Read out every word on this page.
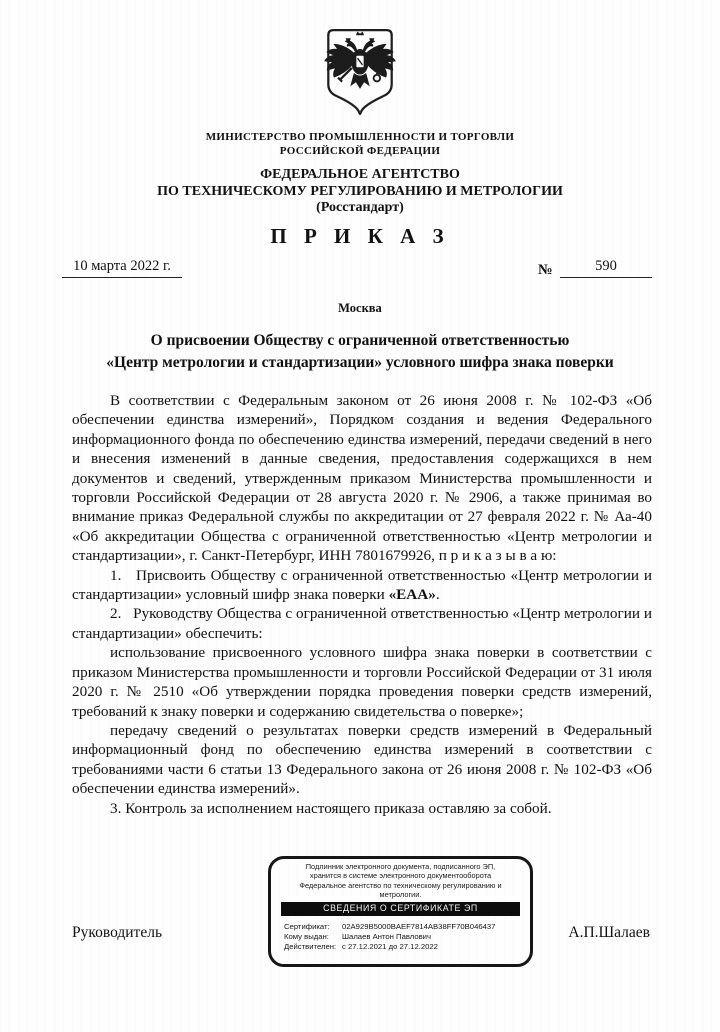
МИНИСТЕРСТВО ПРОМЫШЛЕННОСТИ И ТОРГОВЛИ
РОССИЙСКОЙ ФЕДЕРАЦИИ
ФЕДЕРАЛЬНОЕ АГЕНТСТВО
ПО ТЕХНИЧЕСКОМУ РЕГУЛИРОВАНИЮ И МЕТРОЛОГИИ
(Росстандарт)
П Р И К А З
10 марта 2022 г.	№	590
Москва
О присвоении Обществу с ограниченной ответственностью
«Центр метрологии и стандартизации» условного шифра знака поверки

В соответствии с Федеральным законом от 26 июня 2008 г. № 102-ФЗ «Об обеспечении единства измерений», Порядком создания и ведения Федерального информационного фонда по обеспечению единства измерений, передачи сведений в него и внесения изменений в данные сведения, предоставления содержащихся в нем документов и сведений, утвержденным приказом Министерства промышленности и торговли Российской Федерации от 28 августа 2020 г. № 2906, а также принимая во внимание приказ Федеральной службы по аккредитации от 27 февраля 2022 г. № Аа-40 «Об аккредитации Общества с ограниченной ответственностью «Центр метрологии и стандартизации», г. Санкт-Петербург, ИНН 7801679926, п р и к а з ы в а ю:

1.   Присвоить Обществу с ограниченной ответственностью «Центр метрологии и стандартизации» условный шифр знака поверки «ЕАА».

2.   Руководству Общества с ограниченной ответственностью «Центр метрологии и стандартизации» обеспечить:

использование присвоенного условного шифра знака поверки в соответствии с приказом Министерства промышленности и торговли Российской Федерации от 31 июля 2020 г. № 2510 «Об утверждении порядка проведения поверки средств измерений, требований к знаку поверки и содержанию свидетельства о поверке»;

передачу сведений о результатах поверки средств измерений в Федеральный информационный фонд по обеспечению единства измерений в соответствии с требованиями части 6 статьи 13 Федерального закона от 26 июня 2008 г. № 102-ФЗ «Об обеспечении единства измерений».

3. Контроль за исполнением настоящего приказа оставляю за собой.

Подлинник электронного документа, подписанного ЭП,
хранится в системе электронного документооборота
Федеральное агентство по техническому регулированию и
метрологии.
СВЕДЕНИЯ О СЕРТИФИКАТЕ ЭП
Сертификат: 02A929B5000BAEF7814AB38FF70B046437
Кому выдан: Шалаев Антон Павлович
Действителен: с 27.12.2021 до 27.12.2022
Руководитель	А.П.Шалаев
